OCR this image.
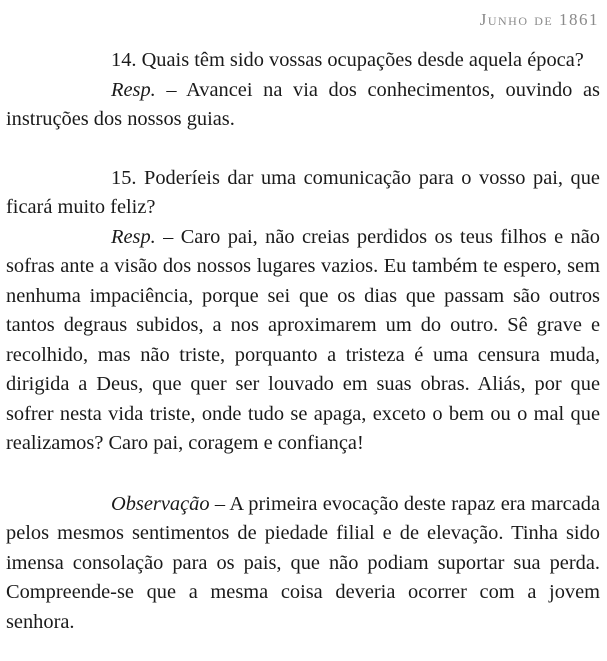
Junho de 1861

14. Quais têm sido vossas ocupações desde aquela época?

Resp. – Avancei na via dos conhecimentos, ouvindo as instruções dos nossos guias.

15. Poderíeis dar uma comunicação para o vosso pai, que ficará muito feliz?

Resp. – Caro pai, não creias perdidos os teus filhos e não sofras ante a visão dos nossos lugares vazios. Eu também te espero, sem nenhuma impaciência, porque sei que os dias que passam são outros tantos degraus subidos, a nos aproximarem um do outro. Sê grave e recolhido, mas não triste, porquanto a tristeza é uma censura muda, dirigida a Deus, que quer ser louvado em suas obras. Aliás, por que sofrer nesta vida triste, onde tudo se apaga, exceto o bem ou o mal que realizamos? Caro pai, coragem e confiança!

Observação – A primeira evocação deste rapaz era marcada pelos mesmos sentimentos de piedade filial e de elevação. Tinha sido imensa consolação para os pais, que não podiam suportar sua perda. Compreende-se que a mesma coisa deveria ocorrer com a jovem senhora.
